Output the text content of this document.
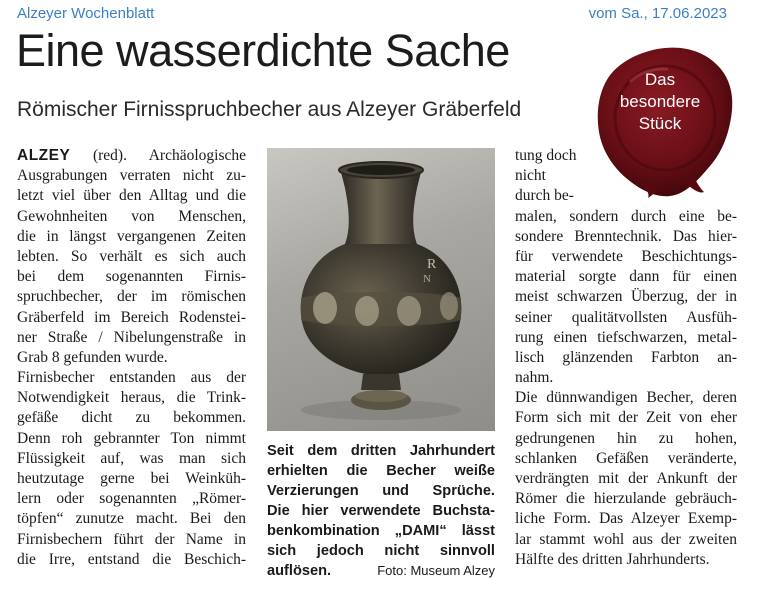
Alzeyer Wochenblatt	vom Sa., 17.06.2023
Eine wasserdichte Sache
Römischer Firnisspruchbecher aus Alzeyer Gräberfeld
Das
besondere
Stück
ALZEY (red). Archäologische
Ausgrabungen verraten nicht zu-
letzt viel über den Alltag und die
Gewohnheiten von Menschen,
die in längst vergangenen Zeiten
lebten. So verhält es sich auch
bei dem sogenannten Firnis-
spruchbecher, der im römischen
Gräberfeld im Bereich Rodenstei-
ner Straße / Nibelungenstraße in
Grab 8 gefunden wurde.
Firnisbecher entstanden aus der
Notwendigkeit heraus, die Trink-
gefäße dicht zu bekommen.
Denn roh gebrannter Ton nimmt
Flüssigkeit auf, was man sich
heutzutage gerne bei Weinküh-
lern oder sogenannten „Römer-
töpfen“ zunutze macht. Bei den
Firnisbechern führt der Name in
die Irre, entstand die Beschich-
R
N
Seit dem dritten Jahrhundert
erhielten die Becher weiße
Verzierungen und Sprüche.
Die hier verwendete Buchsta-
benkombination „DAMI“ lässt
sich jedoch nicht sinnvoll
auflösen.	Foto: Museum Alzey
tung doch
nicht
durch be-
malen, sondern durch eine be-
sondere Brenntechnik. Das hier-
für verwendete Beschichtungs-
material sorgte dann für einen
meist schwarzen Überzug, der in
seiner qualitätvollsten Ausfüh-
rung einen tiefschwarzen, metal-
lisch glänzenden Farbton an-
nahm.
Die dünnwandigen Becher, deren
Form sich mit der Zeit von eher
gedrungenen hin zu hohen,
schlanken Gefäßen veränderte,
verdrängten mit der Ankunft der
Römer die hierzulande gebräuch-
liche Form. Das Alzeyer Exemp-
lar stammt wohl aus der zweiten
Hälfte des dritten Jahrhunderts.
